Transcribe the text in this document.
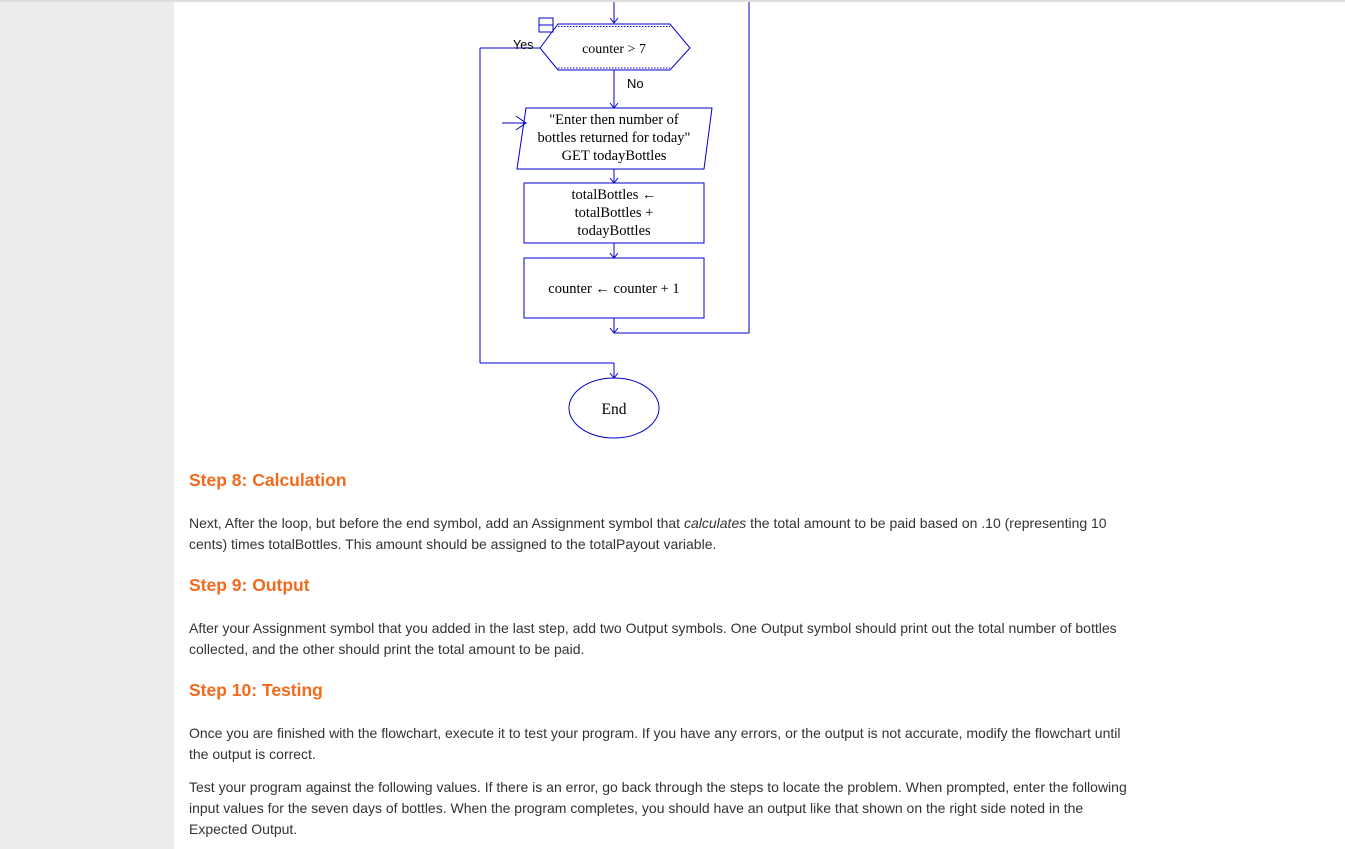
Yes
No
counter > 7
"Enter then number of
bottles returned for today"
GET todayBottles
totalBottles ←
totalBottles +
todayBottles
counter ← counter + 1
End
Step 8: Calculation

Next, After the loop, but before the end symbol, add an Assignment symbol that calculates the total amount to be paid based on .10 (representing 10 cents) times totalBottles. This amount should be assigned to the totalPayout variable.

Step 9: Output

After your Assignment symbol that you added in the last step, add two Output symbols. One Output symbol should print out the total number of bottles collected, and the other should print the total amount to be paid.

Step 10: Testing

Once you are finished with the flowchart, execute it to test your program. If you have any errors, or the output is not accurate, modify the flowchart until the output is correct.

Test your program against the following values. If there is an error, go back through the steps to locate the problem. When prompted, enter the following input values for the seven days of bottles. When the program completes, you should have an output like that shown on the right side noted in the Expected Output.
